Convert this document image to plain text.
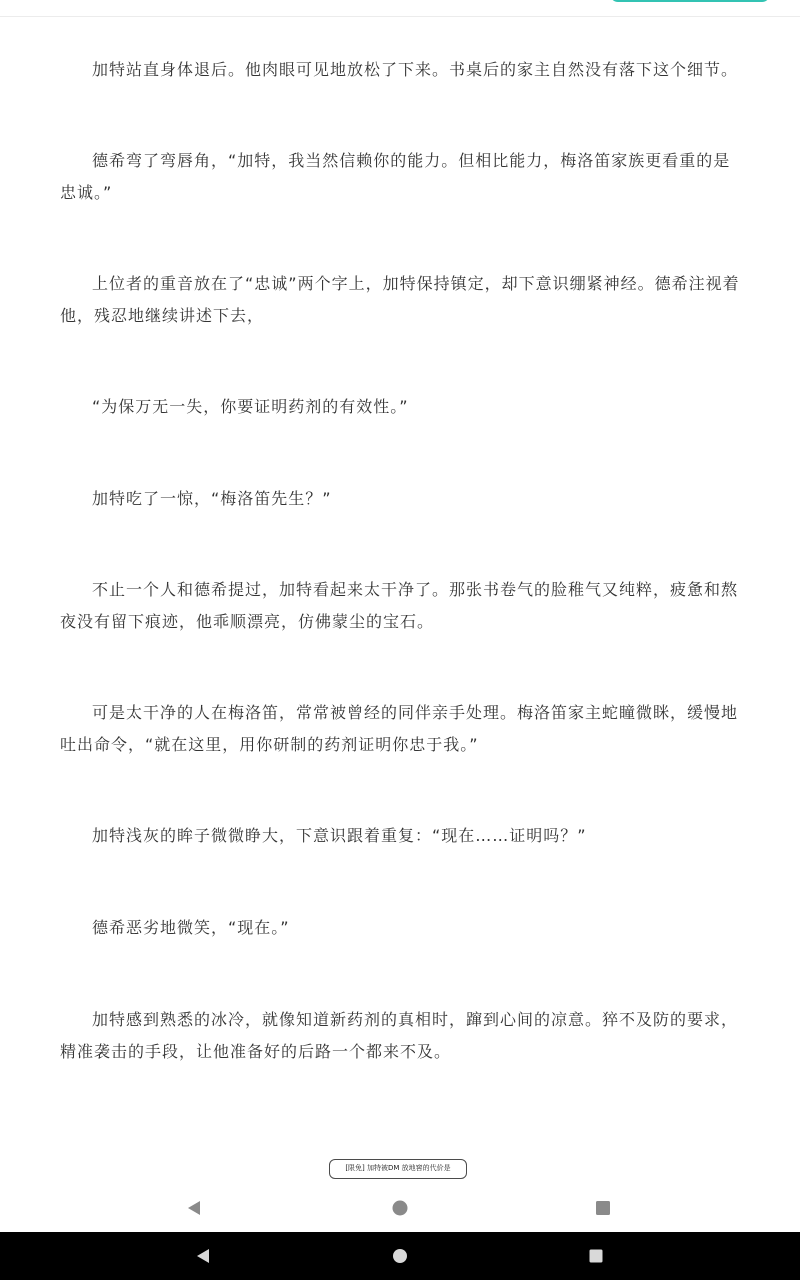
加特站直身体退后。他肉眼可见地放松了下来。书桌后的家主自然没有落下这个细节。

德希弯了弯唇角，“加特，我当然信赖你的能力。但相比能力，梅洛笛家族更看重的是忠诚。”

上位者的重音放在了“忠诚”两个字上，加特保持镇定，却下意识绷紧神经。德希注视着他，残忍地继续讲述下去，

“为保万无一失，你要证明药剂的有效性。”

加特吃了一惊，“梅洛笛先生？”

不止一个人和德希提过，加特看起来太干净了。那张书卷气的脸稚气又纯粹，疲惫和熬夜没有留下痕迹，他乖顺漂亮，仿佛蒙尘的宝石。

可是太干净的人在梅洛笛，常常被曾经的同伴亲手处理。梅洛笛家主蛇瞳微眯，缓慢地吐出命令，“就在这里，用你研制的药剂证明你忠于我。”

加特浅灰的眸子微微睁大，下意识跟着重复：“现在……证明吗？”

德希恶劣地微笑，“现在。”

加特感到熟悉的冰冷，就像知道新药剂的真相时，蹿到心间的凉意。猝不及防的要求，精准袭击的手段，让他准备好的后路一个都来不及。

[限免] 加特被DM 放地窖的代价是
